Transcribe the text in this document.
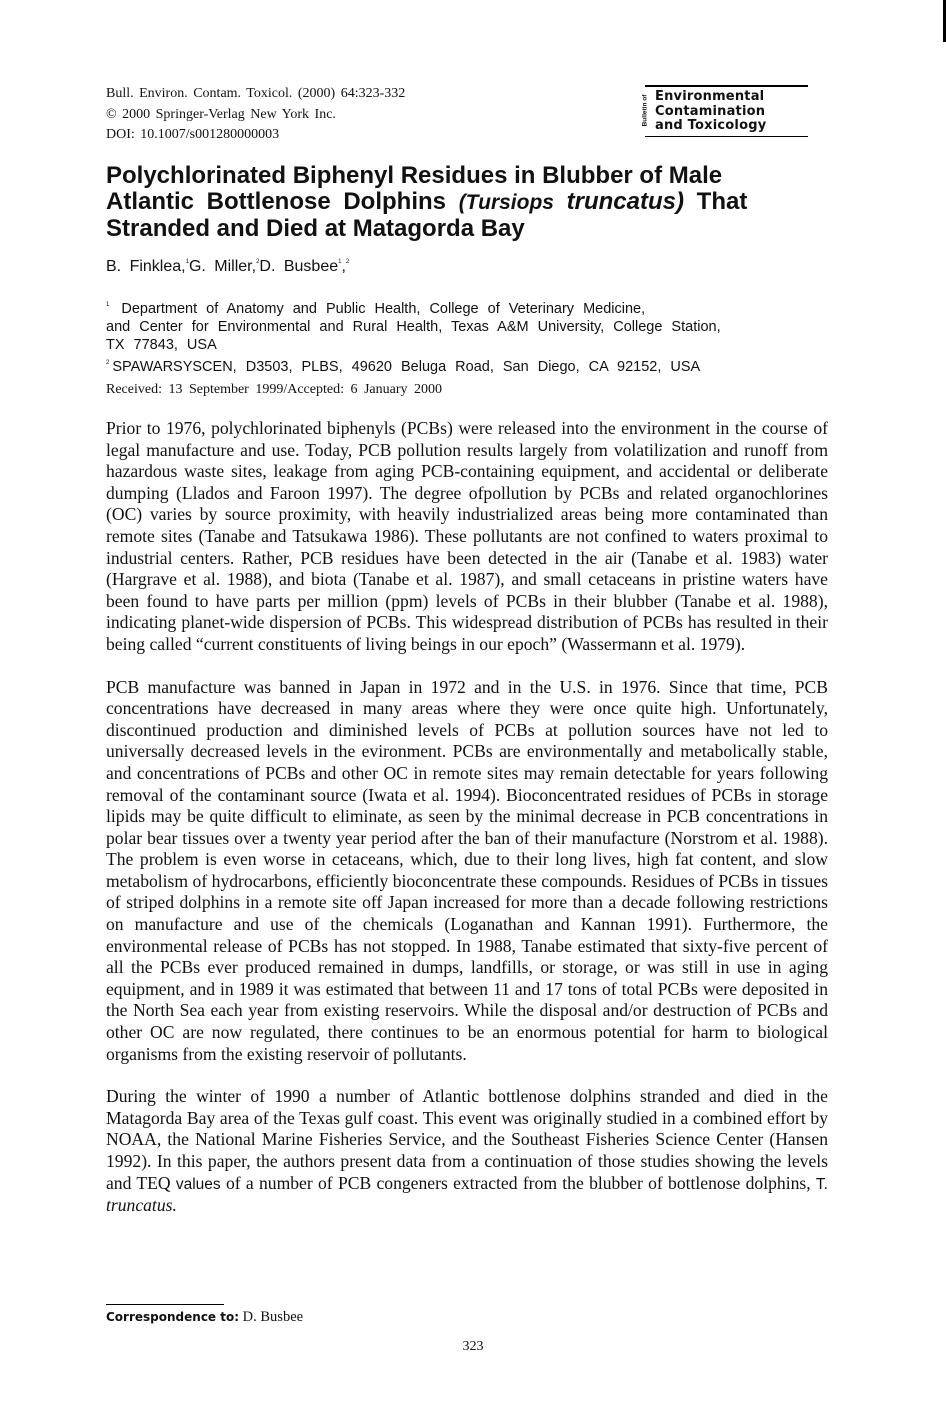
Bull. Environ. Contam. Toxicol. (2000) 64:323-332
© 2000 Springer-Verlag New York Inc.
DOI: 10.1007/s001280000003
Bulletin of Environmental
Contamination
and Toxicology
Polychlorinated Biphenyl Residues in Blubber of Male
Atlantic Bottlenose Dolphins (Tursiops truncatus) That
Stranded and Died at Matagorda Bay
B. Finklea,$^1$G. Miller,$^2$D. Busbee$^1$,$^2$
$^1$ Department of Anatomy and Public Health, College of Veterinary Medicine,
and Center for Environmental and Rural Health, Texas A&M University, College Station,
TX 77843, USA
$^2$ SPAWARSYSCEN, D3503, PLBS, 49620 Beluga Road, San Diego, CA 92152, USA
Received: 13 September 1999/Accepted: 6 January 2000

Prior to 1976, polychlorinated biphenyls (PCBs) were released into the environment in the course of legal manufacture and use. Today, PCB pollution results largely from volatilization and runoff from hazardous waste sites, leakage from aging PCB-containing equipment, and accidental or deliberate dumping (Llados and Faroon 1997). The degree ofpollution by PCBs and related organochlorines (OC) varies by source proximity, with heavily industrialized areas being more contaminated than remote sites (Tanabe and Tatsukawa 1986). These pollutants are not confined to waters proximal to industrial centers. Rather, PCB residues have been detected in the air (Tanabe et al. 1983) water (Hargrave et al. 1988), and biota (Tanabe et al. 1987), and small cetaceans in pristine waters have been found to have parts per million (ppm) levels of PCBs in their blubber (Tanabe et al. 1988), indicating planet-wide dispersion of PCBs. This widespread distribution of PCBs has resulted in their being called “current constituents of living beings in our epoch” (Wassermann et al. 1979).

PCB manufacture was banned in Japan in 1972 and in the U.S. in 1976. Since that time, PCB concentrations have decreased in many areas where they were once quite high. Unfortunately, discontinued production and diminished levels of PCBs at pollution sources have not led to universally decreased levels in the evironment. PCBs are environmentally and metabolically stable, and concentrations of PCBs and other OC in remote sites may remain detectable for years following removal of the contaminant source (Iwata et al. 1994). Bioconcentrated residues of PCBs in storage lipids may be quite difficult to eliminate, as seen by the minimal decrease in PCB concentrations in polar bear tissues over a twenty year period after the ban of their manufacture (Norstrom et al. 1988). The problem is even worse in cetaceans, which, due to their long lives, high fat content, and slow metabolism of hydrocarbons, efficiently bioconcentrate these compounds. Residues of PCBs in tissues of striped dolphins in a remote site off Japan increased for more than a decade following restrictions on manufacture and use of the chemicals (Loganathan and Kannan 1991). Furthermore, the environmental release of PCBs has not stopped. In 1988, Tanabe estimated that sixty-five percent of all the PCBs ever produced remained in dumps, landfills, or storage, or was still in use in aging equipment, and in 1989 it was estimated that between 11 and 17 tons of total PCBs were deposited in the North Sea each year from existing reservoirs. While the disposal and/or destruction of PCBs and other OC are now regulated, there continues to be an enormous potential for harm to biological organisms from the existing reservoir of pollutants.

During the winter of 1990 a number of Atlantic bottlenose dolphins stranded and died in the Matagorda Bay area of the Texas gulf coast. This event was originally studied in a combined effort by NOAA, the National Marine Fisheries Service, and the Southeast Fisheries Science Center (Hansen 1992). In this paper, the authors present data from a continuation of those studies showing the levels and TEQ values of a number of PCB congeners extracted from the blubber of bottlenose dolphins, T. truncatus.

Correspondence to: D. Busbee
323
